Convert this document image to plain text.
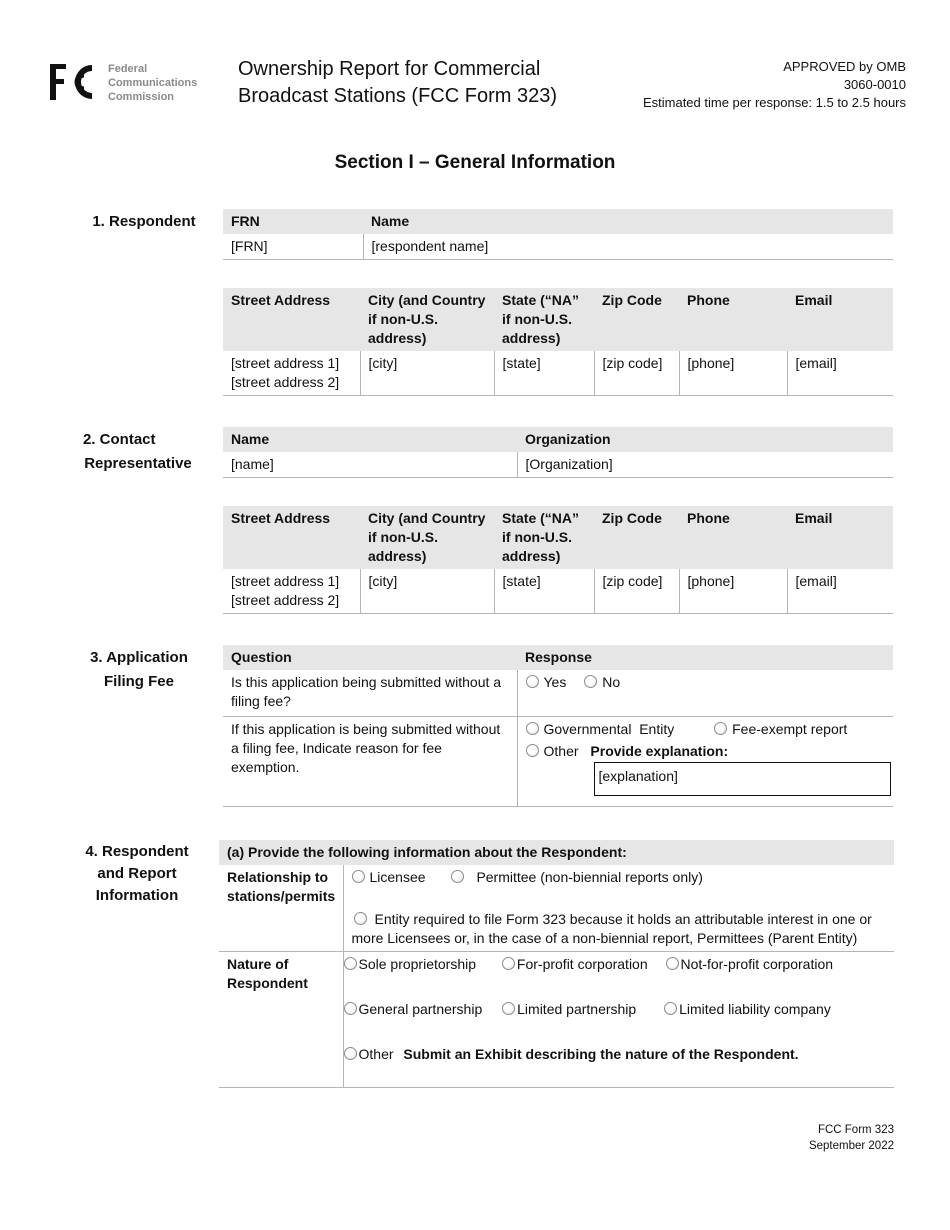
Federal
Communications
Commission
Ownership Report for Commercial
Broadcast Stations (FCC Form 323)
APPROVED by OMB
3060-0010
Estimated time per response: 1.5 to 2.5 hours
Section I – General Information
1. Respondent	FRN	Name
[FRN]	[respondent name]
Street Address	City (and Country if non-U.S. address)	State (“NA” if non-U.S. address)	Zip Code	Phone	Email

[street address 1]
[street address 2]	[city]	[state]	[zip code]	[phone]	[email]
2. Contact
Representative
Name	Organization
[name]	[Organization]
Street Address	City (and Country if non-U.S. address)	State (“NA” if non-U.S. address)	Zip Code	Phone	Email

[street address 1]
[street address 2]	[city]	[state]	[zip code]	[phone]	[email]
3. Application
Filing Fee
Question	Response
Is this application being submitted without a filing fee?	Yes No
If this application is being submitted without a filing fee, Indicate reason for fee exemption.	Governmental  Entity Fee-exempt report
Other Provide explanation:
[explanation]
4. Respondent
and Report
Information
(a) Provide the following information about the Respondent:	
Relationship to stations/permits	Licensee Permittee (non-biennial reports only)
Entity required to file Form 323 because it holds an attributable interest in one or more Licensees or, in the case of a non-biennial report, Permittees (Parent Entity)

Nature of Respondent	Sole proprietorship For-profit corporation Not-for-profit corporation
General partnership Limited partnership Limited liability company
Other Submit an Exhibit describing the nature of the Respondent.
FCC Form 323
September 2022
